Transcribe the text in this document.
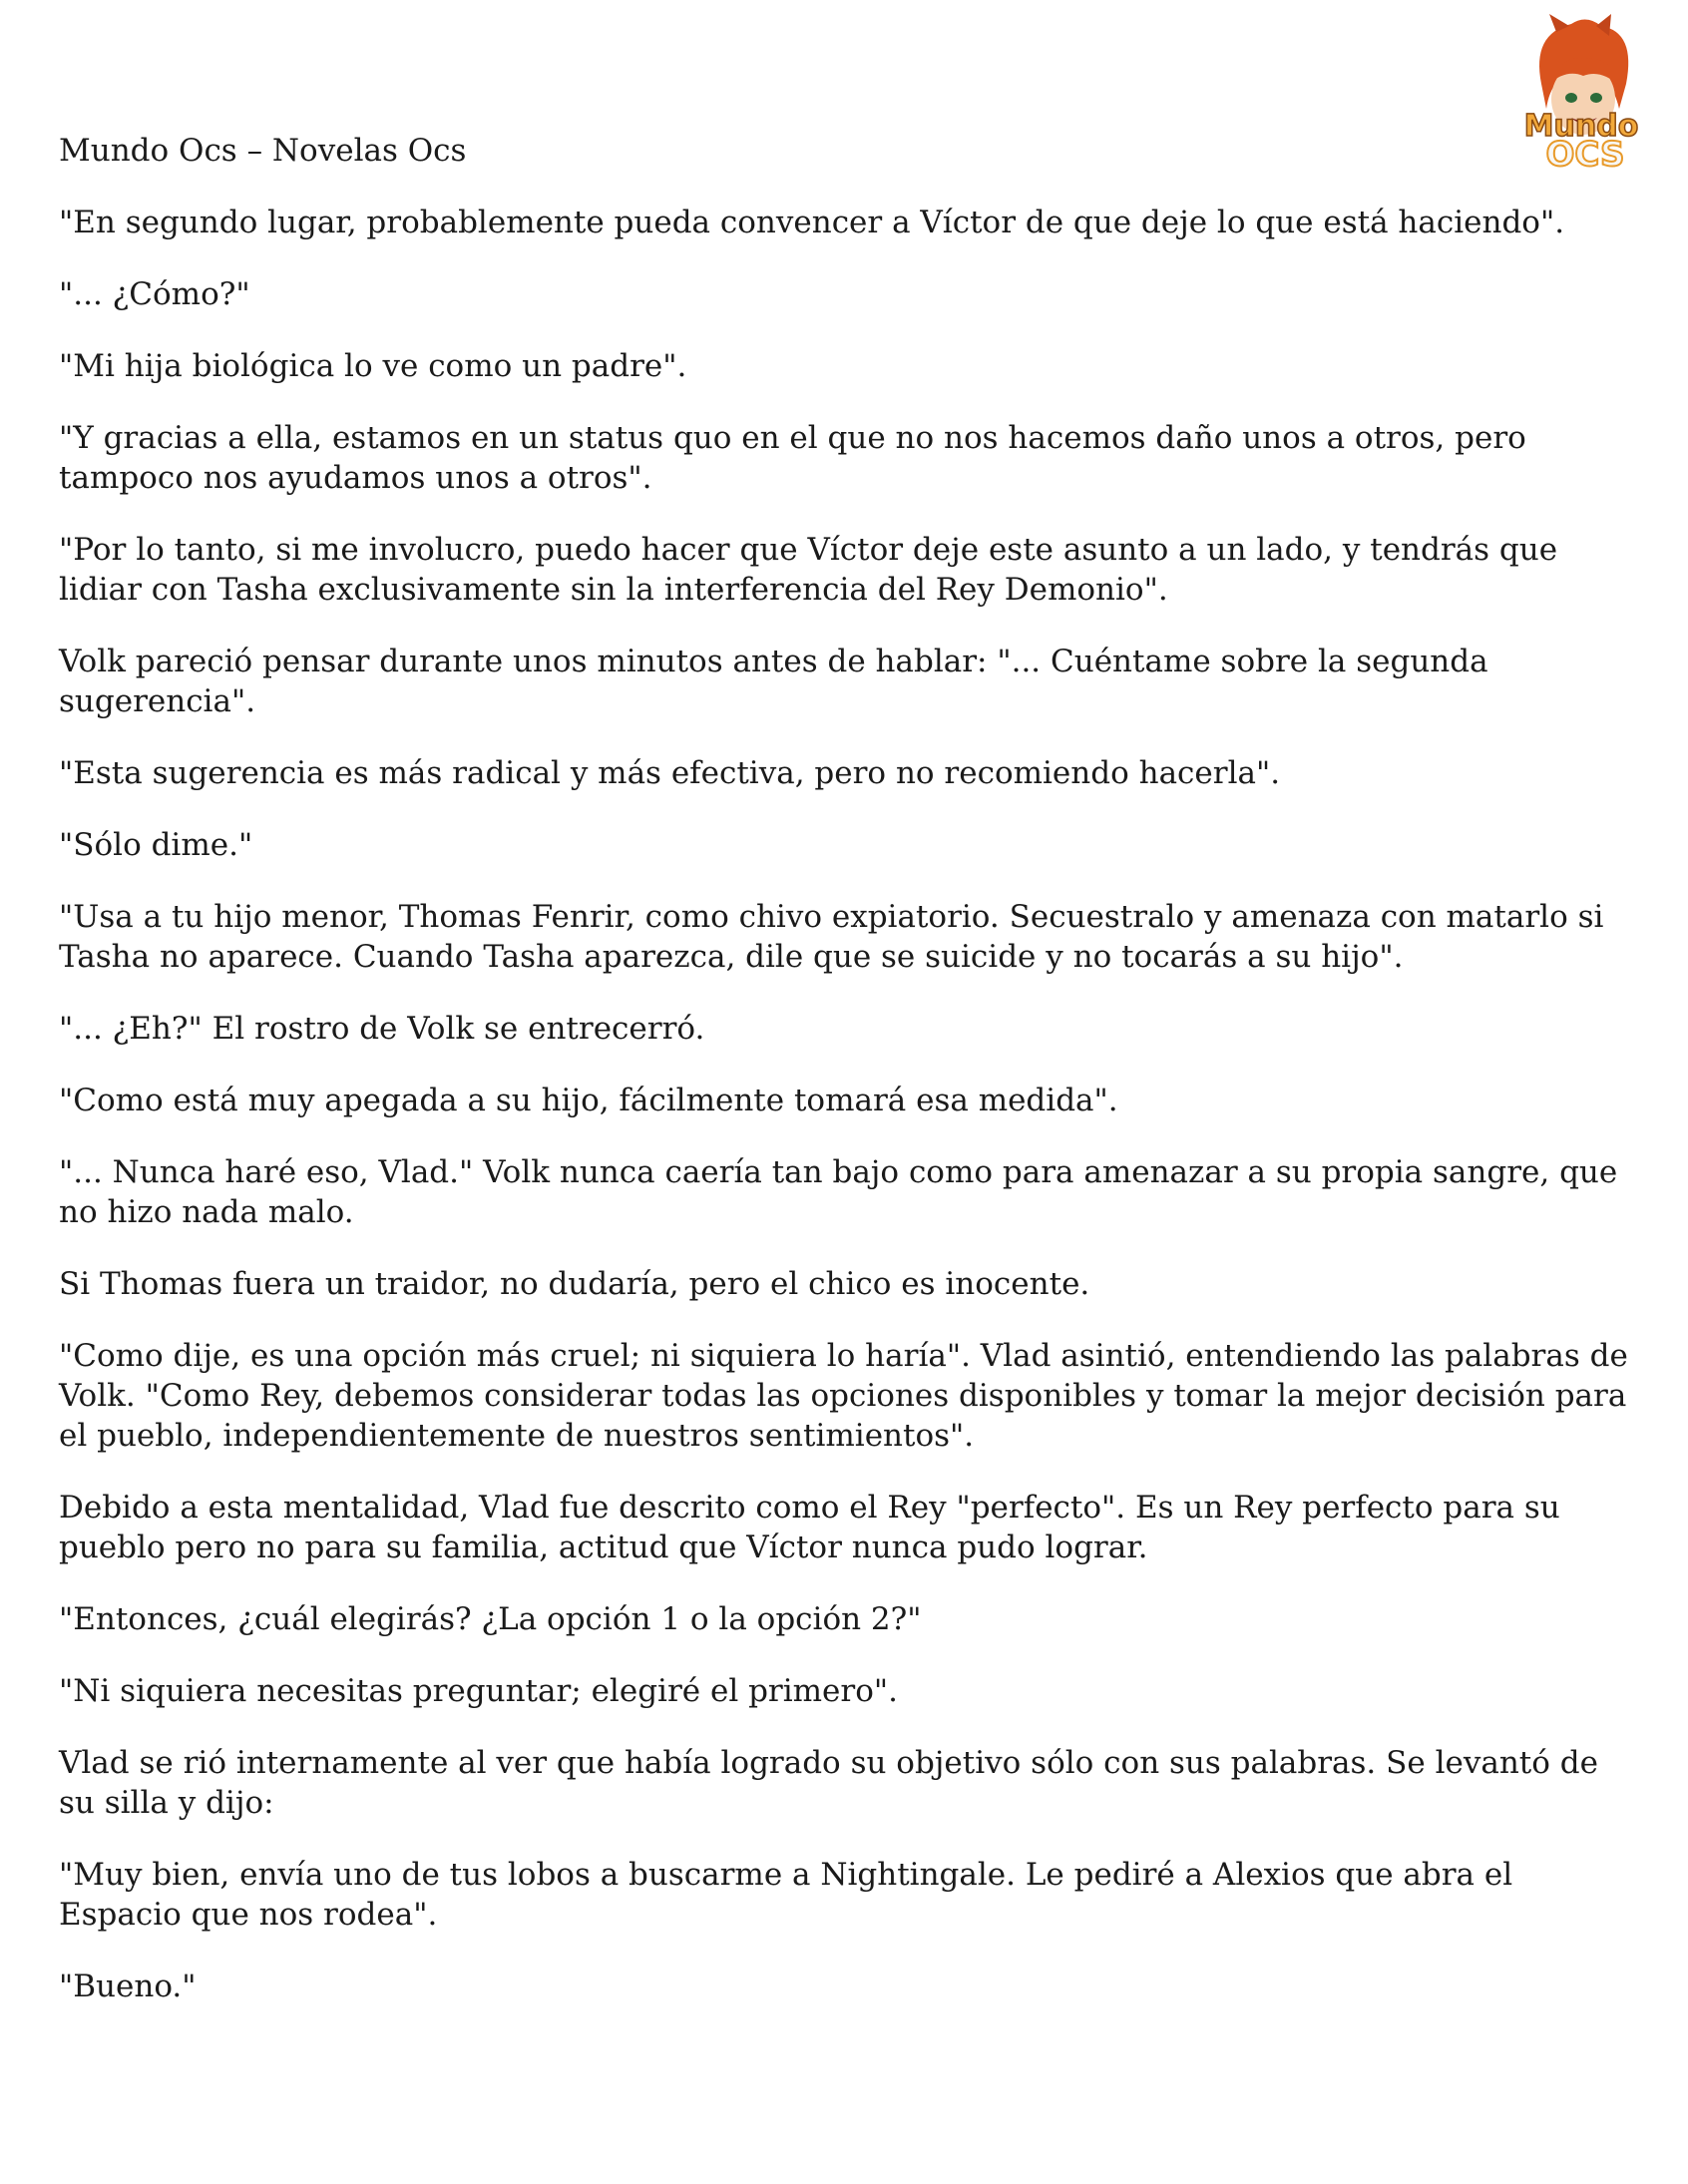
Mundo
OCS

Mundo Ocs – Novelas Ocs

"En segundo lugar, probablemente pueda convencer a Víctor de que deje lo que está haciendo".

"... ¿Cómo?"

"Mi hija biológica lo ve como un padre".

"Y gracias a ella, estamos en un status quo en el que no nos hacemos daño unos a otros, pero tampoco nos ayudamos unos a otros".

"Por lo tanto, si me involucro, puedo hacer que Víctor deje este asunto a un lado, y tendrás que lidiar con Tasha exclusivamente sin la interferencia del Rey Demonio".

Volk pareció pensar durante unos minutos antes de hablar: "... Cuéntame sobre la segunda sugerencia".

"Esta sugerencia es más radical y más efectiva, pero no recomiendo hacerla".

"Sólo dime."

"Usa a tu hijo menor, Thomas Fenrir, como chivo expiatorio. Secuestralo y amenaza con matarlo si Tasha no aparece. Cuando Tasha aparezca, dile que se suicide y no tocarás a su hijo".

"... ¿Eh?" El rostro de Volk se entrecerró.

"Como está muy apegada a su hijo, fácilmente tomará esa medida".

"... Nunca haré eso, Vlad." Volk nunca caería tan bajo como para amenazar a su propia sangre, que no hizo nada malo.

Si Thomas fuera un traidor, no dudaría, pero el chico es inocente.

"Como dije, es una opción más cruel; ni siquiera lo haría". Vlad asintió, entendiendo las palabras de Volk. "Como Rey, debemos considerar todas las opciones disponibles y tomar la mejor decisión para el pueblo, independientemente de nuestros sentimientos".

Debido a esta mentalidad, Vlad fue descrito como el Rey "perfecto". Es un Rey perfecto para su pueblo pero no para su familia, actitud que Víctor nunca pudo lograr.

"Entonces, ¿cuál elegirás? ¿La opción 1 o la opción 2?"

"Ni siquiera necesitas preguntar; elegiré el primero".

Vlad se rió internamente al ver que había logrado su objetivo sólo con sus palabras. Se levantó de su silla y dijo:

"Muy bien, envía uno de tus lobos a buscarme a Nightingale. Le pediré a Alexios que abra el Espacio que nos rodea".

"Bueno."
